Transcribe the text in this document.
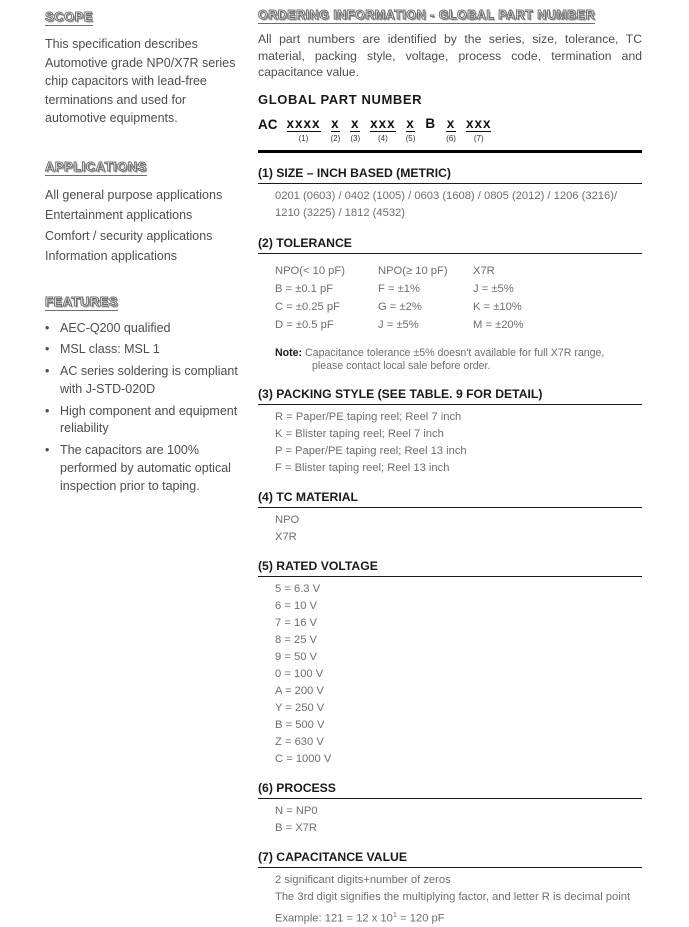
SCOPE
This specification describes Automotive grade NP0/X7R series chip capacitors with lead-free terminations and used for automotive equipments.
APPLICATIONS
All general purpose applications
Entertainment applications
Comfort / security applications
Information applications
FEATURES
• AEC-Q200 qualified
• MSL class: MSL 1
• AC series soldering is compliant with J-STD-020D
• High component and equipment reliability
• The capacitors are 100% performed by automatic optical inspection prior to taping.
ORDERING INFORMATION - GLOBAL PART NUMBER
All part numbers are identified by the series, size, tolerance, TC material, packing style, voltage, process code, termination and capacitance value.
GLOBAL PART NUMBER
AC xxxx
(1)
x
(2)
x
(3)
xxx
(4)
x
(5)
B x
(6)
xxx
(7)
(1) SIZE – INCH BASED (METRIC)
0201 (0603) / 0402 (1005) / 0603 (1608) / 0805 (2012) / 1206 (3216)/ 1210 (3225) / 1812 (4532)
(2) TOLERANCE
NPO(< 10 pF)
B = ±0.1 pF
C = ±0.25 pF
D = ±0.5 pF
NPO(≥ 10 pF)
F = ±1%
G = ±2%
J = ±5%
X7R
J = ±5%
K = ±10%
M = ±20%
Note: Capacitance tolerance ±5% doesn't available for full X7R range,
please contact local sale before order.
(3) PACKING STYLE (SEE TABLE. 9 FOR DETAIL)
R = Paper/PE taping reel; Reel 7 inch
K = Blister taping reel; Reel 7 inch
P = Paper/PE taping reel; Reel 13 inch
F = Blister taping reel; Reel 13 inch
(4) TC MATERIAL
NPO
X7R
(5) RATED VOLTAGE
5 = 6.3 V
6 = 10 V
7 = 16 V
8 = 25 V
9 = 50 V
0 = 100 V
A = 200 V
Y = 250 V
B = 500 V
Z = 630 V
C = 1000 V
(6) PROCESS
N = NP0
B = X7R
(7) CAPACITANCE VALUE
2 significant digits+number of zeros
The 3rd digit signifies the multiplying factor, and letter R is decimal point
Example: 121 = 12 x $10^1 = 120$ pF
